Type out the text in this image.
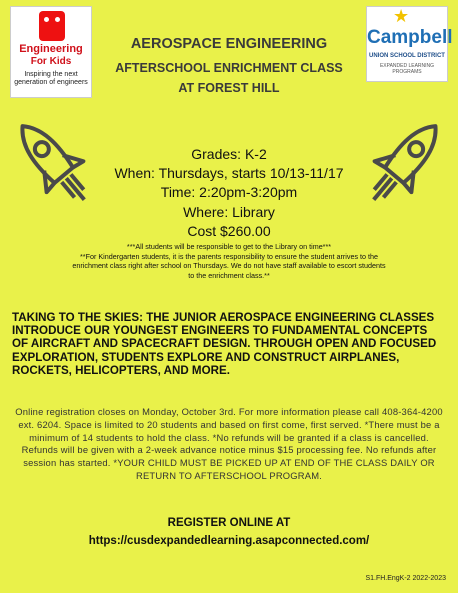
Engineering
For Kids
Inspiring the next generation of engineers
★
Campbell
UNION SCHOOL DISTRICT
EXPANDED LEARNING PROGRAMS
AEROSPACE ENGINEERING
AFTERSCHOOL ENRICHMENT CLASS
AT FOREST HILL
Grades: K-2
When: Thursdays, starts 10/13-11/17
Time: 2:20pm-3:20pm
Where: Library
Cost $260.00
***All students will be responsible to get to the Library on time***
**For Kindergarten students, it is the parents responsibility to ensure the student arrives to the enrichment class right after school on Thursdays. We do not have staff available to escort students to the enrichment class.**
TAKING TO THE SKIES: THE JUNIOR AEROSPACE ENGINEERING CLASSES INTRODUCE OUR YOUNGEST ENGINEERS TO FUNDAMENTAL CONCEPTS OF AIRCRAFT AND SPACECRAFT DESIGN. THROUGH OPEN AND FOCUSED EXPLORATION, STUDENTS EXPLORE AND CONSTRUCT AIRPLANES, ROCKETS, HELICOPTERS, AND MORE.
Online registration closes on Monday, October 3rd. For more information please call 408-364-4200 ext. 6204. Space is limited to 20 students and based on first come, first served. *There must be a minimum of 14 students to hold the class. *No refunds will be granted if a class is cancelled. Refunds will be given with a 2-week advance notice minus $15 processing fee. No refunds after session has started. *YOUR CHILD MUST BE PICKED UP AT END OF THE CLASS DAILY OR RETURN TO AFTERSCHOOL PROGRAM.
REGISTER ONLINE AT
https://cusdexpandedlearning.asapconnected.com/
S1.FH.EngK-2 2022-2023
